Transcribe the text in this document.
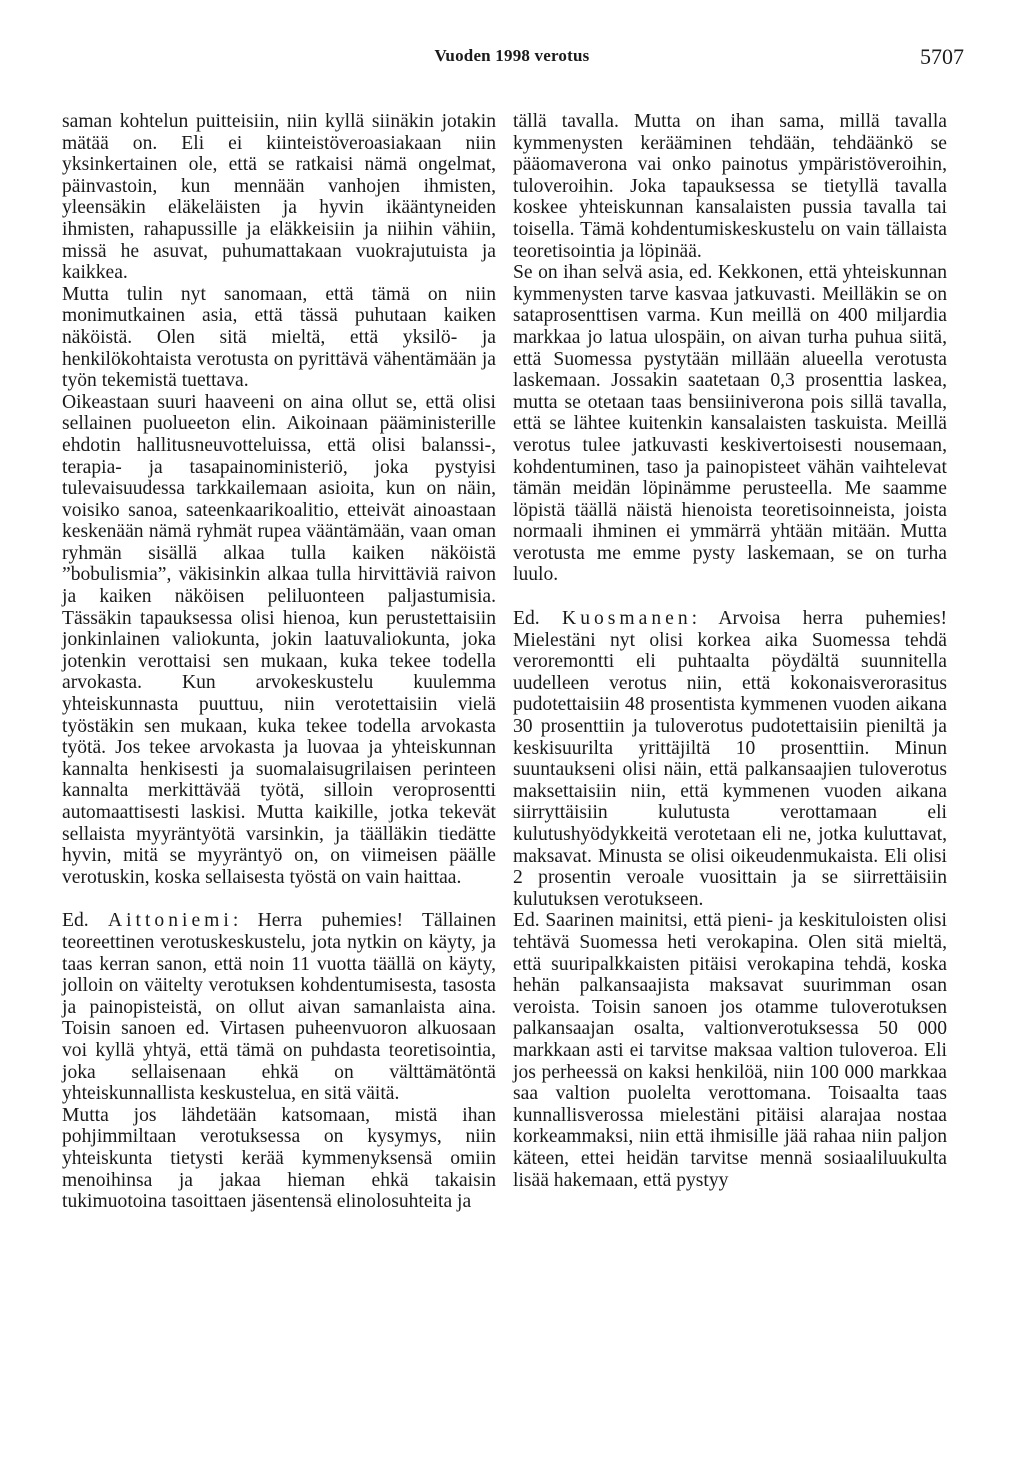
Vuoden 1998 verotus	5707

saman kohtelun puitteisiin, niin kyllä siinäkin jotakin mätää on. Eli ei kiinteistöveroasiakaan niin yksinkertainen ole, että se ratkaisi nämä ongelmat, päinvastoin, kun mennään vanhojen ihmisten, yleensäkin eläkeläisten ja hyvin ikääntyneiden ihmisten, rahapussille ja eläkkeisiin ja niihin vähiin, missä he asuvat, puhumattakaan vuokrajutuista ja kaikkea.

Mutta tulin nyt sanomaan, että tämä on niin monimutkainen asia, että tässä puhutaan kaiken näköistä. Olen sitä mieltä, että yksilö- ja henkilökohtaista verotusta on pyrittävä vähentämään ja työn tekemistä tuettava.

Oikeastaan suuri haaveeni on aina ollut se, että olisi sellainen puolueeton elin. Aikoinaan pääministerille ehdotin hallitusneuvotteluissa, että olisi balanssi-, terapia- ja tasapainoministeriö, joka pystyisi tulevaisuudessa tarkkailemaan asioita, kun on näin, voisiko sanoa, sateenkaarikoalitio, etteivät ainoastaan keskenään nämä ryhmät rupea vääntämään, vaan oman ryhmän sisällä alkaa tulla kaiken näköistä ”bobulismia”, väkisinkin alkaa tulla hirvittäviä raivon ja kaiken näköisen peliluonteen paljastumisia. Tässäkin tapauksessa olisi hienoa, kun perustettaisiin jonkinlainen valiokunta, jokin laatuvaliokunta, joka jotenkin verottaisi sen mukaan, kuka tekee todella arvokasta. Kun arvokeskustelu kuulemma yhteiskunnasta puuttuu, niin verotettaisiin vielä työstäkin sen mukaan, kuka tekee todella arvokasta työtä. Jos tekee arvokasta ja luovaa ja yhteiskunnan kannalta henkisesti ja suomalaisugrilaisen perinteen kannalta merkittävää työtä, silloin veroprosentti automaattisesti laskisi. Mutta kaikille, jotka tekevät sellaista myyräntyötä varsinkin, ja täälläkin tiedätte hyvin, mitä se myyräntyö on, on viimeisen päälle verotuskin, koska sellaisesta työstä on vain haittaa.

Ed. Aittoniemi: Herra puhemies! Tällainen teoreettinen verotuskeskustelu, jota nytkin on käyty, ja taas kerran sanon, että noin 11 vuotta täällä on käyty, jolloin on väitelty verotuksen kohdentumisesta, tasosta ja painopisteistä, on ollut aivan samanlaista aina. Toisin sanoen ed. Virtasen puheenvuoron alkuosaan voi kyllä yhtyä, että tämä on puhdasta teoretisointia, joka sellaisenaan ehkä on välttämätöntä yhteiskunnallista keskustelua, en sitä väitä.

Mutta jos lähdetään katsomaan, mistä ihan pohjimmiltaan verotuksessa on kysymys, niin yhteiskunta tietysti kerää kymmenyksensä omiin menoihinsa ja jakaa hieman ehkä takaisin tukimuotoina tasoittaen jäsentensä elinolosuhteita ja

tällä tavalla. Mutta on ihan sama, millä tavalla kymmenysten kerääminen tehdään, tehdäänkö se pääomaverona vai onko painotus ympäristöveroihin, tuloveroihin. Joka tapauksessa se tietyllä tavalla koskee yhteiskunnan kansalaisten pussia tavalla tai toisella. Tämä kohdentumiskeskustelu on vain tällaista teoretisointia ja löpinää.

Se on ihan selvä asia, ed. Kekkonen, että yhteiskunnan kymmenysten tarve kasvaa jatkuvasti. Meilläkin se on sataprosenttisen varma. Kun meillä on 400 miljardia markkaa jo latua ulospäin, on aivan turha puhua siitä, että Suomessa pystytään millään alueella verotusta laskemaan. Jossakin saatetaan 0,3 prosenttia laskea, mutta se otetaan taas bensiiniverona pois sillä tavalla, että se lähtee kuitenkin kansalaisten taskuista. Meillä verotus tulee jatkuvasti keskivertoisesti nousemaan, kohdentuminen, taso ja painopisteet vähän vaihtelevat tämän meidän löpinämme perusteella. Me saamme löpistä täällä näistä hienoista teoretisoinneista, joista normaali ihminen ei ymmärrä yhtään mitään. Mutta verotusta me emme pysty laskemaan, se on turha luulo.

Ed. Kuosmanen: Arvoisa herra puhemies! Mielestäni nyt olisi korkea aika Suomessa tehdä veroremontti eli puhtaalta pöydältä suunnitella uudelleen verotus niin, että kokonaisverorasitus pudotettaisiin 48 prosentista kymmenen vuoden aikana 30 prosenttiin ja tuloverotus pudotettaisiin pieniltä ja keskisuurilta yrittäjiltä 10 prosenttiin. Minun suuntaukseni olisi näin, että palkansaajien tuloverotus maksettaisiin niin, että kymmenen vuoden aikana siirryttäisiin kulutusta verottamaan eli kulutushyödykkeitä verotetaan eli ne, jotka kuluttavat, maksavat. Minusta se olisi oikeudenmukaista. Eli olisi 2 prosentin veroale vuosittain ja se siirrettäisiin kulutuksen verotukseen.

Ed. Saarinen mainitsi, että pieni- ja keskituloisten olisi tehtävä Suomessa heti verokapina. Olen sitä mieltä, että suuripalkkaisten pitäisi verokapina tehdä, koska hehän palkansaajista maksavat suurimman osan veroista. Toisin sanoen jos otamme tuloverotuksen palkansaajan osalta, valtionverotuksessa 50 000 markkaan asti ei tarvitse maksaa valtion tuloveroa. Eli jos perheessä on kaksi henkilöä, niin 100 000 markkaa saa valtion puolelta verottomana. Toisaalta taas kunnallisverossa mielestäni pitäisi alarajaa nostaa korkeammaksi, niin että ihmisille jää rahaa niin paljon käteen, ettei heidän tarvitse mennä sosiaaliluukulta lisää hakemaan, että pystyy
